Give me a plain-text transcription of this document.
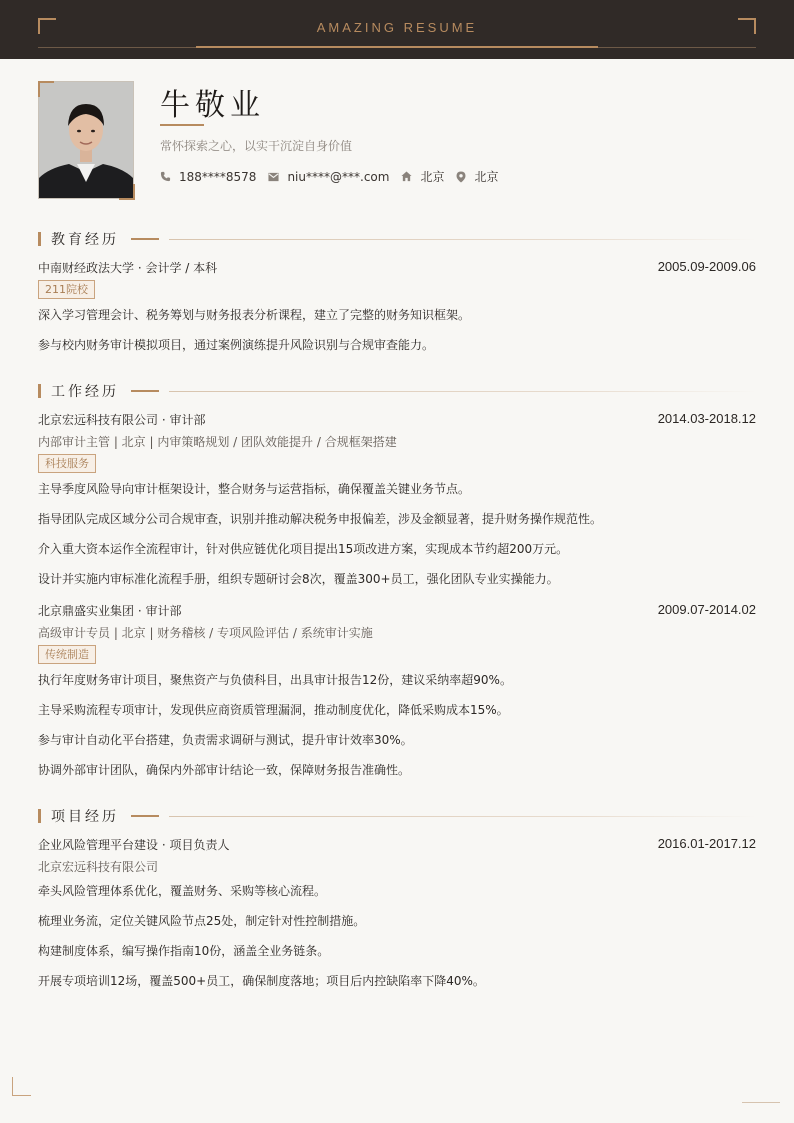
AMAZING RESUME
牛敬业
常怀探索之心，以实干沉淀自身价值
188****8578	niu****@***.com	北京	北京
教育经历
中南财经政法大学 · 会计学 / 本科	2005.09-2009.06
211院校
深入学习管理会计、税务筹划与财务报表分析课程，建立了完整的财务知识框架。
参与校内财务审计模拟项目，通过案例演练提升风险识别与合规审查能力。
工作经历
北京宏远科技有限公司 · 审计部	2014.03-2018.12
内部审计主管 | 北京 | 内审策略规划 / 团队效能提升 / 合规框架搭建
科技服务
主导季度风险导向审计框架设计，整合财务与运营指标，确保覆盖关键业务节点。
指导团队完成区域分公司合规审查，识别并推动解决税务申报偏差，涉及金额显著，提升财务操作规范性。
介入重大资本运作全流程审计，针对供应链优化项目提出15项改进方案，实现成本节约超200万元。
设计并实施内审标准化流程手册，组织专题研讨会8次，覆盖300+员工，强化团队专业实操能力。
北京鼎盛实业集团 · 审计部	2009.07-2014.02
高级审计专员 | 北京 | 财务稽核 / 专项风险评估 / 系统审计实施
传统制造
执行年度财务审计项目，聚焦资产与负债科目，出具审计报告12份，建议采纳率超90%。
主导采购流程专项审计，发现供应商资质管理漏洞，推动制度优化，降低采购成本15%。
参与审计自动化平台搭建，负责需求调研与测试，提升审计效率30%。
协调外部审计团队，确保内外部审计结论一致，保障财务报告准确性。
项目经历
企业风险管理平台建设 · 项目负责人	2016.01-2017.12
北京宏远科技有限公司
牵头风险管理体系优化，覆盖财务、采购等核心流程。
梳理业务流，定位关键风险节点25处，制定针对性控制措施。
构建制度体系，编写操作指南10份，涵盖全业务链条。
开展专项培训12场，覆盖500+员工，确保制度落地；项目后内控缺陷率下降40%。
